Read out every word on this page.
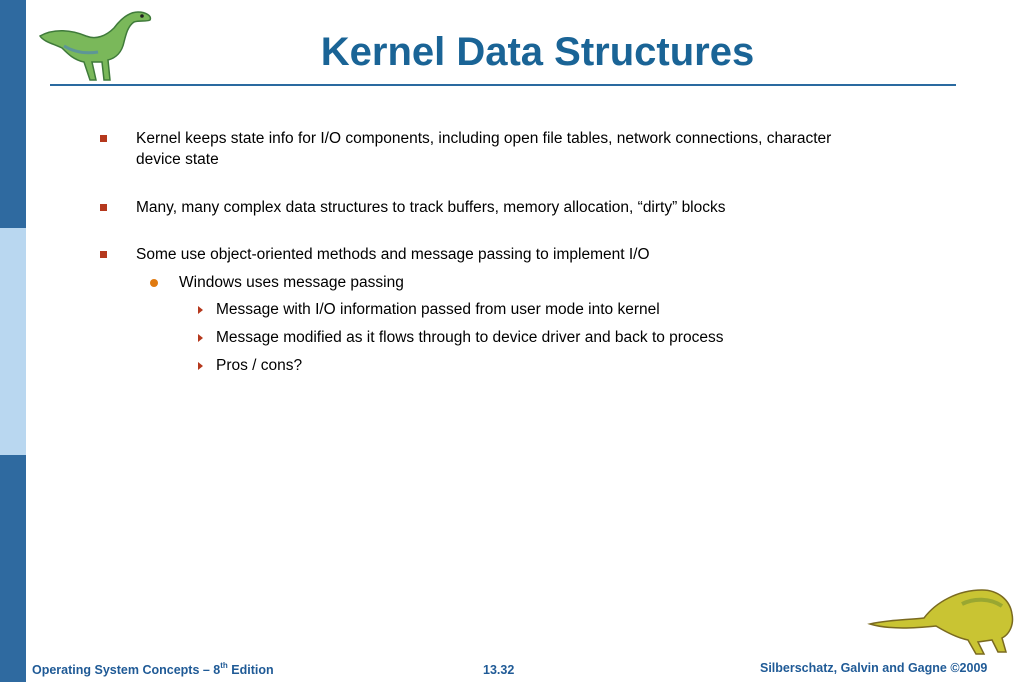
Kernel Data Structures
Kernel keeps state info for I/O components, including open file tables, network connections, character
device state
Many, many complex data structures to track buffers, memory allocation, “dirty” blocks
Some use object-oriented methods and message passing to implement I/O
Windows uses message passing
Message with I/O information passed from user mode into kernel
Message modified as it flows through to device driver and back to process
Pros / cons?
Operating System Concepts – 8th Edition	13.32	Silberschatz, Galvin and Gagne ©2009
